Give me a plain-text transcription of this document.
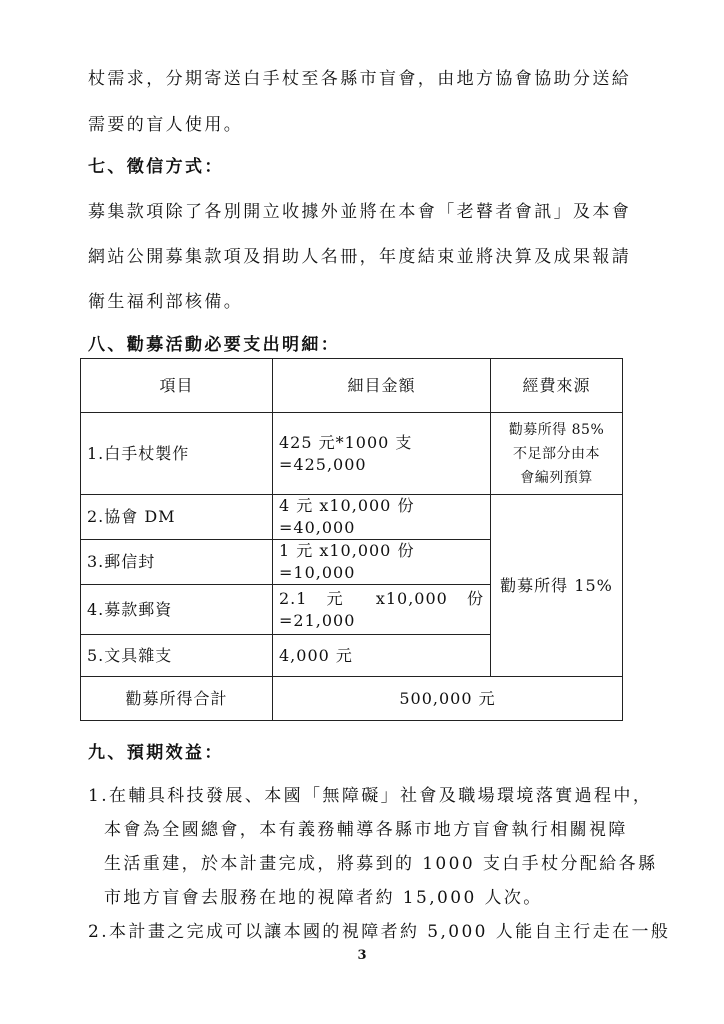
杖需求，分期寄送白手杖至各縣市盲會，由地方協會協助分送給

需要的盲人使用。

七、徵信方式：

募集款項除了各別開立收據外並將在本會「老瞽者會訊」及本會

網站公開募集款項及捐助人名冊，年度結束並將決算及成果報請

衛生福利部核備。

八、勸募活動必要支出明細：

項目	細目金額	經費來源
1.白手杖製作	425 元*1000 支=425,000	勸募所得 85%
不足部分由本
會編列預算

2.協會 DM	4 元 x10,000 份=40,000	勸募所得 15%
3.郵信封	1 元 x10,000 份=10,000	
4.募款郵資	2.1 元 x10,000 份
=21,000	

5.文具雜支	4,000 元	
勸募所得合計	500,000 元	

九、預期效益：

1.在輔具科技發展、本國「無障礙」社會及職場環境落實過程中，

本會為全國總會，本有義務輔導各縣市地方盲會執行相關視障

生活重建，於本計畫完成，將募到的 1000 支白手杖分配給各縣

市地方盲會去服務在地的視障者約 15,000 人次。

2.本計畫之完成可以讓本國的視障者約 5,000 人能自主行走在一般

3
